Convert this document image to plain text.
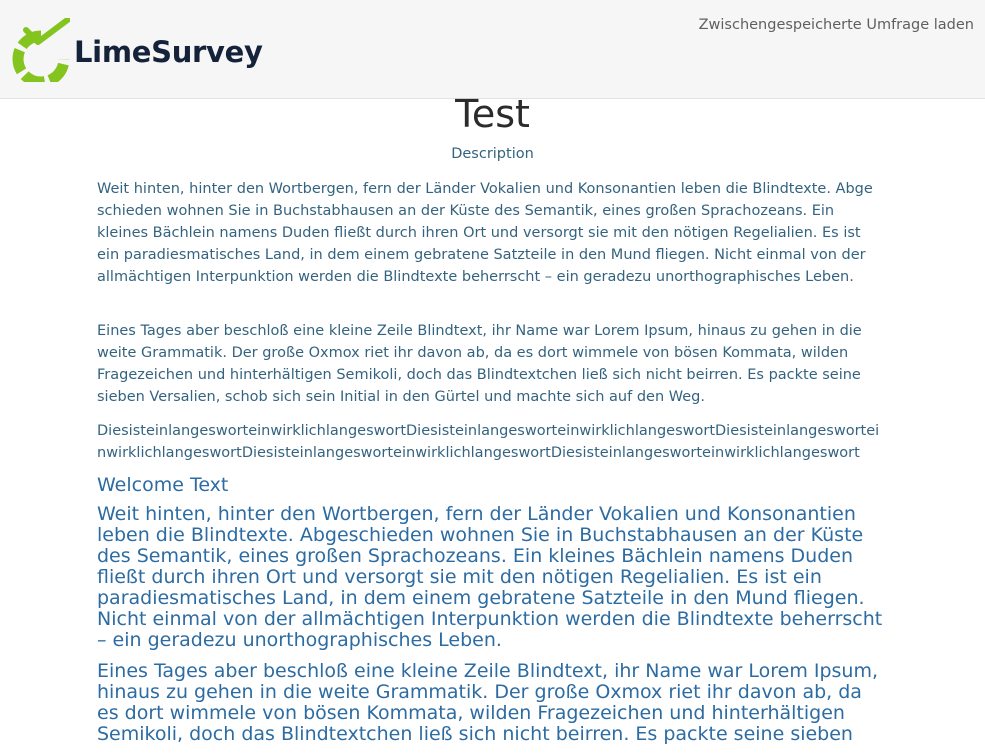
LimeSurvey
Zwischengespeicherte Umfrage laden
Test
Description

Weit hinten, hinter den Wortbergen, fern der Länder Vokalien und Konsonantien leben die Blindtexte. Abge schieden wohnen Sie in Buchstabhausen an der Küste des Semantik, eines großen Sprachozeans. Ein kleines Bächlein namens Duden fließt durch ihren Ort und versorgt sie mit den nötigen Regelialien. Es ist ein paradiesmatisches Land, in dem einem gebratene Satzteile in den Mund fliegen. Nicht einmal von der allmächtigen Interpunktion werden die Blindtexte beherrscht – ein geradezu unorthographisches Leben.

Eines Tages aber beschloß eine kleine Zeile Blindtext, ihr Name war Lorem Ipsum, hinaus zu gehen in die weite Grammatik. Der große Oxmox riet ihr davon ab, da es dort wimmele von bösen Kommata, wilden Fragezeichen und hinterhältigen Semikoli, doch das Blindtextchen ließ sich nicht beirren. Es packte seine sieben Versalien, schob sich sein Initial in den Gürtel und machte sich auf den Weg.

DiesisteinlangesworteinwirklichlangeswortDiesisteinlangesworteinwirklichlangeswortDiesisteinlangesworteinwirklichlangeswortDiesisteinlangesworteinwirklichlangeswortDiesisteinlangesworteinwirklichlangeswort

Welcome Text

Weit hinten, hinter den Wortbergen, fern der Länder Vokalien und Konsonantien leben die Blindtexte. Abgeschieden wohnen Sie in Buchstabhausen an der Küste des Semantik, eines großen Sprachozeans. Ein kleines Bächlein namens Duden fließt durch ihren Ort und versorgt sie mit den nötigen Regelialien. Es ist ein paradiesmatisches Land, in dem einem gebratene Satzteile in den Mund fliegen. Nicht einmal von der allmächtigen Interpunktion werden die Blindtexte beherrscht – ein geradezu unorthographisches Leben.

Eines Tages aber beschloß eine kleine Zeile Blindtext, ihr Name war Lorem Ipsum, hinaus zu gehen in die weite Grammatik. Der große Oxmox riet ihr davon ab, da es dort wimmele von bösen Kommata, wilden Fragezeichen und hinterhältigen Semikoli, doch das Blindtextchen ließ sich nicht beirren. Es packte seine sieben
